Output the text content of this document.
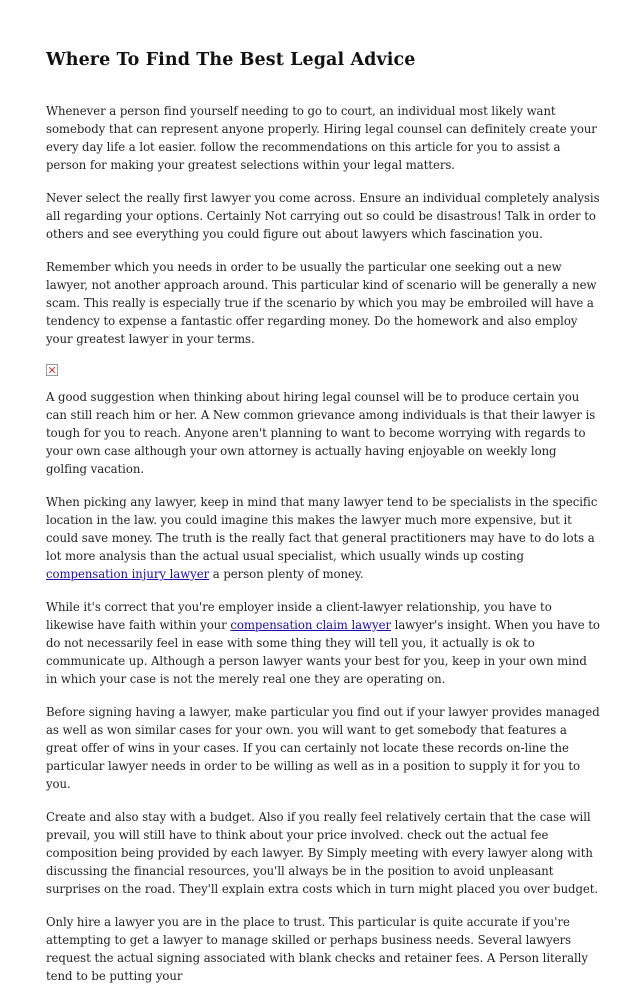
Where To Find The Best Legal Advice

Whenever a person find yourself needing to go to court, an individual most likely want somebody that can represent anyone properly. Hiring legal counsel can definitely create your every day life a lot easier. follow the recommendations on this article for you to assist a person for making your greatest selections within your legal matters.

Never select the really first lawyer you come across. Ensure an individual completely analysis all regarding your options. Certainly Not carrying out so could be disastrous! Talk in order to others and see everything you could figure out about lawyers which fascination you.

Remember which you needs in order to be usually the particular one seeking out a new lawyer, not another approach around. This particular kind of scenario will be generally a new scam. This really is especially true if the scenario by which you may be embroiled will have a tendency to expense a fantastic offer regarding money. Do the homework and also employ your greatest lawyer in your terms.

A good suggestion when thinking about hiring legal counsel will be to produce certain you can still reach him or her. A New common grievance among individuals is that their lawyer is tough for you to reach. Anyone aren't planning to want to become worrying with regards to your own case although your own attorney is actually having enjoyable on weekly long golfing vacation.

When picking any lawyer, keep in mind that many lawyer tend to be specialists in the specific location in the law. you could imagine this makes the lawyer much more expensive, but it could save money. The truth is the really fact that general practitioners may have to do lots a lot more analysis than the actual usual specialist, which usually winds up costing compensation injury lawyer a person plenty of money.

While it's correct that you're employer inside a client-lawyer relationship, you have to likewise have faith within your compensation claim lawyer lawyer's insight. When you have to do not necessarily feel in ease with some thing they will tell you, it actually is ok to communicate up. Although a person lawyer wants your best for you, keep in your own mind in which your case is not the merely real one they are operating on.

Before signing having a lawyer, make particular you find out if your lawyer provides managed as well as won similar cases for your own. you will want to get somebody that features a great offer of wins in your cases. If you can certainly not locate these records on-line the particular lawyer needs in order to be willing as well as in a position to supply it for you to you.

Create and also stay with a budget. Also if you really feel relatively certain that the case will prevail, you will still have to think about your price involved. check out the actual fee composition being provided by each lawyer. By Simply meeting with every lawyer along with discussing the financial resources, you'll always be in the position to avoid unpleasant surprises on the road. They'll explain extra costs which in turn might placed you over budget.

Only hire a lawyer you are in the place to trust. This particular is quite accurate if you're attempting to get a lawyer to manage skilled or perhaps business needs. Several lawyers request the actual signing associated with blank checks and retainer fees. A Person literally tend to be putting your
